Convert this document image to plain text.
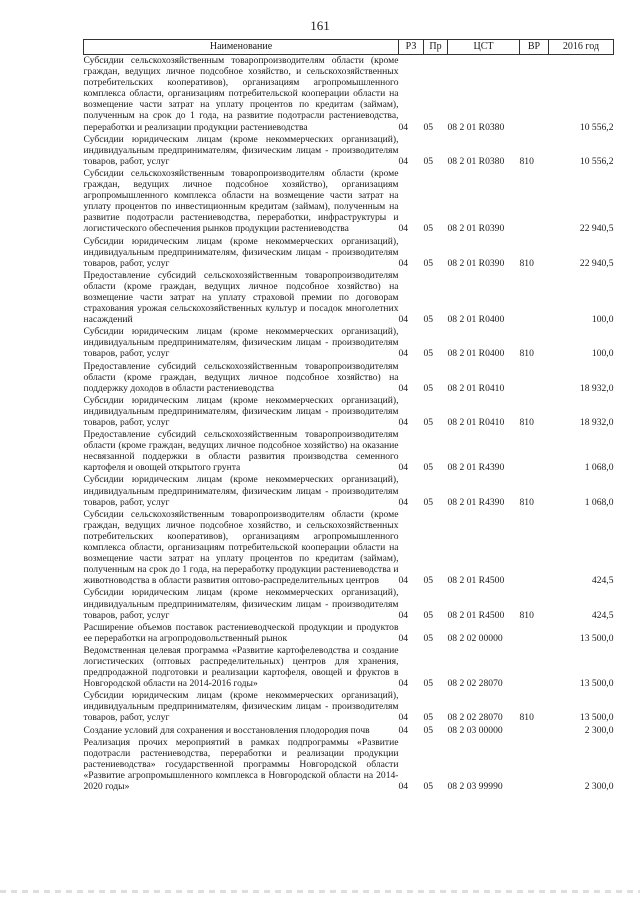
161
Наименование	РЗ	Пр	ЦСТ	ВР	2016 год
Субсидии сельскохозяйственным товаропроизводителям области (кроме граждан, ведущих личное подсобное хозяйство, и сельскохозяйственных потребительских кооперативов), организациям агропромышленного комплекса области, организациям потребительской кооперации области на возмещение части затрат на уплату процентов по кредитам (займам), полученным на срок до 1 года, на развитие подотрасли растениеводства, переработки и реализации продукции растениеводства	04	05	08 2 01 R0380		10 556,2
Субсидии юридическим лицам (кроме некоммерческих организаций), индивидуальным предпринимателям, физическим лицам - производителям товаров, работ, услуг	04	05	08 2 01 R0380	810	10 556,2
Субсидии сельскохозяйственным товаропроизводителям области (кроме граждан, ведущих личное подсобное хозяйство), организациям агропромышленного комплекса области на возмещение части затрат на уплату процентов по инвестиционным кредитам (займам), полученным на развитие подотрасли растениеводства, переработки, инфраструктуры и логистического обеспечения рынков продукции растениеводства	04	05	08 2 01 R0390		22 940,5
Субсидии юридическим лицам (кроме некоммерческих организаций), индивидуальным предпринимателям, физическим лицам - производителям товаров, работ, услуг	04	05	08 2 01 R0390	810	22 940,5
Предоставление субсидий сельскохозяйственным товаропроизводителям области (кроме граждан, ведущих личное подсобное хозяйство) на возмещение части затрат на уплату страховой премии по договорам страхования урожая сельскохозяйственных культур и посадок многолетних насаждений	04	05	08 2 01 R0400		100,0
Субсидии юридическим лицам (кроме некоммерческих организаций), индивидуальным предпринимателям, физическим лицам - производителям товаров, работ, услуг	04	05	08 2 01 R0400	810	100,0
Предоставление субсидий сельскохозяйственным товаропроизводителям области (кроме граждан, ведущих личное подсобное хозяйство) на поддержку доходов в области растениеводства	04	05	08 2 01 R0410		18 932,0
Субсидии юридическим лицам (кроме некоммерческих организаций), индивидуальным предпринимателям, физическим лицам - производителям товаров, работ, услуг	04	05	08 2 01 R0410	810	18 932,0
Предоставление субсидий сельскохозяйственным товаропроизводителям области (кроме граждан, ведущих личное подсобное хозяйство) на оказание несвязанной поддержки в области развития производства семенного картофеля и овощей открытого грунта	04	05	08 2 01 R4390		1 068,0
Субсидии юридическим лицам (кроме некоммерческих организаций), индивидуальным предпринимателям, физическим лицам - производителям товаров, работ, услуг	04	05	08 2 01 R4390	810	1 068,0
Субсидии сельскохозяйственным товаропроизводителям области (кроме граждан, ведущих личное подсобное хозяйство, и сельскохозяйственных потребительских кооперативов), организациям агропромышленного комплекса области, организациям потребительской кооперации области на возмещение части затрат на уплату процентов по кредитам (займам), полученным на срок до 1 года, на переработку продукции растениеводства и животноводства в области развития оптово-распределительных центров	04	05	08 2 01 R4500		424,5
Субсидии юридическим лицам (кроме некоммерческих организаций), индивидуальным предпринимателям, физическим лицам - производителям товаров, работ, услуг	04	05	08 2 01 R4500	810	424,5
Расширение объемов поставок растениеводческой продукции и продуктов ее переработки на агропродовольственный рынок	04	05	08 2 02 00000		13 500,0
Ведомственная целевая программа «Развитие картофелеводства и создание логистических (оптовых распределительных) центров для хранения, предпродажной подготовки и реализации картофеля, овощей и фруктов в Новгородской области на 2014-2016 годы»	04	05	08 2 02 28070		13 500,0
Субсидии юридическим лицам (кроме некоммерческих организаций), индивидуальным предпринимателям, физическим лицам - производителям товаров, работ, услуг	04	05	08 2 02 28070	810	13 500,0
Создание условий для сохранения и восстановления плодородия почв	04	05	08 2 03 00000		2 300,0
Реализация прочих мероприятий в рамках подпрограммы «Развитие подотрасли растениеводства, переработки и реализации продукции растениеводства» государственной программы Новгородской области «Развитие агропромышленного комплекса в Новгородской области на 2014-2020 годы»	04	05	08 2 03 99990		2 300,0
